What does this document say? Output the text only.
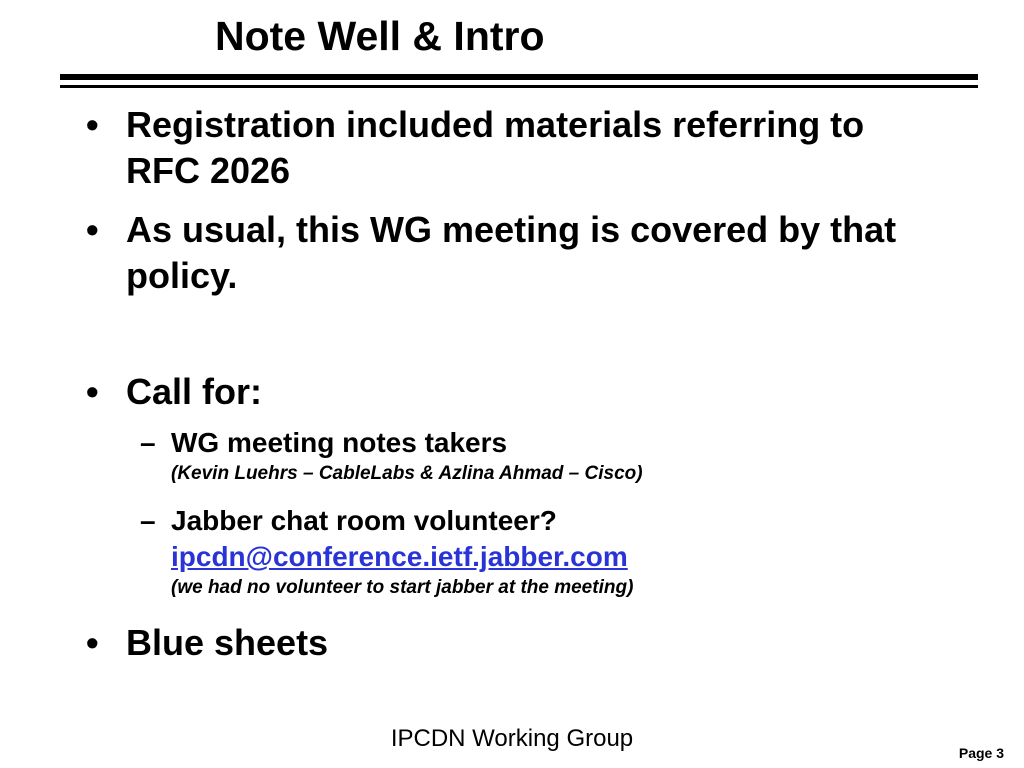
Note Well & Intro
• Registration included materials referring to RFC 2026
• As usual, this WG meeting is covered by that policy.
• Call for:
– WG meeting notes takers
(Kevin Luehrs – CableLabs & Azlina Ahmad – Cisco)
– Jabber chat room volunteer?
ipcdn@conference.ietf.jabber.com
(we had no volunteer to start jabber at the meeting)
• Blue sheets
IPCDN Working Group
Page 3
